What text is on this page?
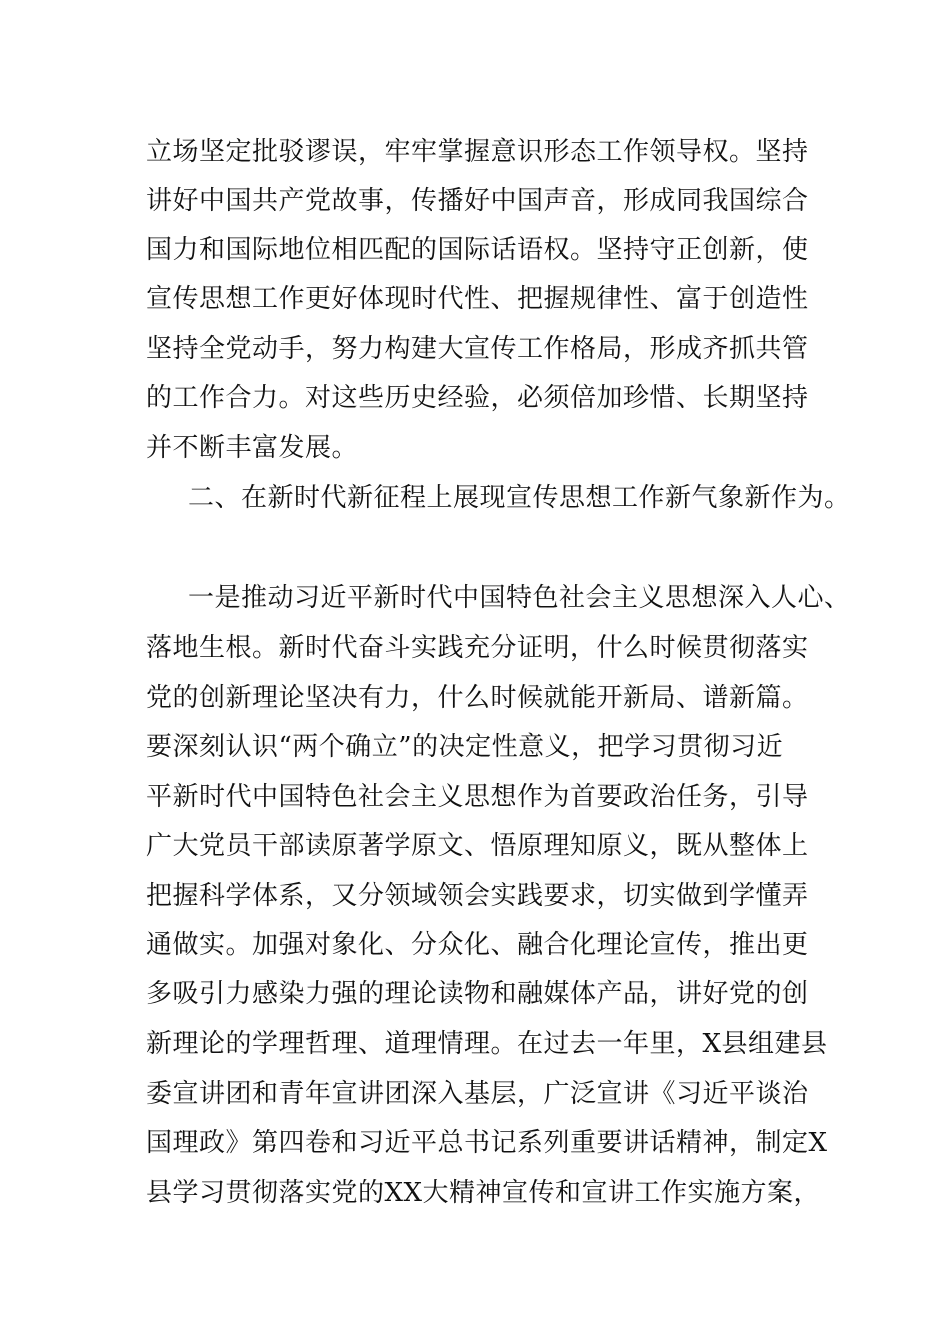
立场坚定批驳谬误，牢牢掌握意识形态工作领导权。坚持

讲好中国共产党故事，传播好中国声音，形成同我国综合

国力和国际地位相匹配的国际话语权。坚持守正创新，使

宣传思想工作更好体现时代性、把握规律性、富于创造性

坚持全党动手，努力构建大宣传工作格局，形成齐抓共管

的工作合力。对这些历史经验，必须倍加珍惜、长期坚持

并不断丰富发展。

二、在新时代新征程上展现宣传思想工作新气象新作为。

一是推动习近平新时代中国特色社会主义思想深入人心、

落地生根。新时代奋斗实践充分证明，什么时候贯彻落实

党的创新理论坚决有力，什么时候就能开新局、谱新篇。

要深刻认识“两个确立”的决定性意义，把学习贯彻习近

平新时代中国特色社会主义思想作为首要政治任务，引导

广大党员干部读原著学原文、悟原理知原义，既从整体上

把握科学体系，又分领域领会实践要求，切实做到学懂弄

通做实。加强对象化、分众化、融合化理论宣传，推出更

多吸引力感染力强的理论读物和融媒体产品，讲好党的创

新理论的学理哲理、道理情理。在过去一年里，X县组建县

委宣讲团和青年宣讲团深入基层，广泛宣讲《习近平谈治

国理政》第四卷和习近平总书记系列重要讲话精神，制定X

县学习贯彻落实党的XX大精神宣传和宣讲工作实施方案，
